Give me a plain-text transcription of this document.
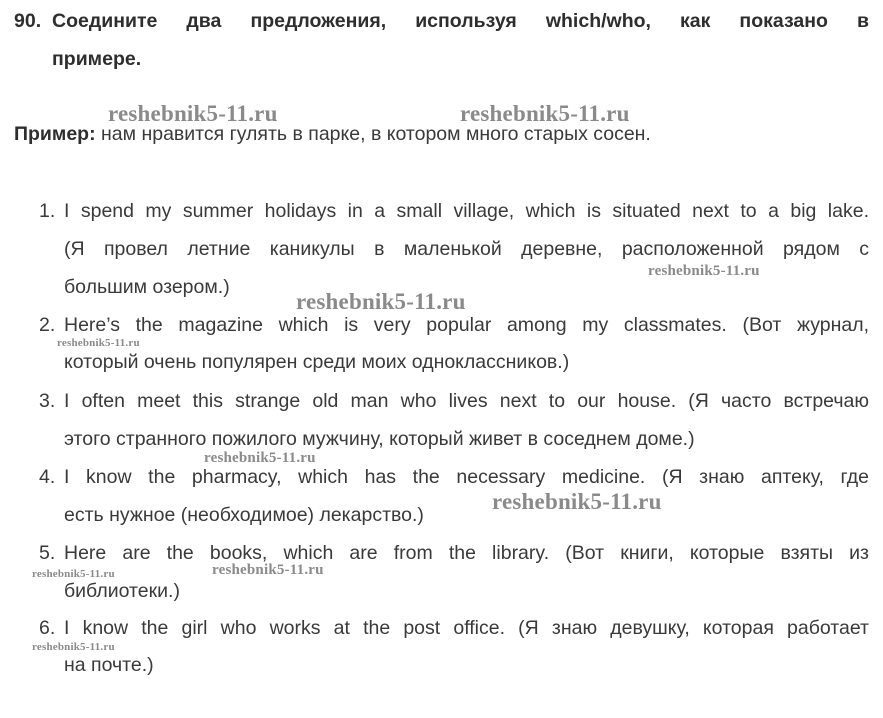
90. Соедините два предложения, используя which/who, как показано в
примере.
reshebnik5-11.ru	reshebnik5-11.ru
Пример: нам нравится гулять в парке, в котором много старых сосен.
1. I spend my summer holidays in a small village, which is situated next to a big lake.
(Я провел летние каникулы в маленькой деревне, расположенной рядом с
большим озером.)
reshebnik5-11.ru
reshebnik5-11.ru
2. Here’s the magazine which is very popular among my classmates. (Вот журнал,
reshebnik5-11.ru
который очень популярен среди моих одноклассников.)
3. I often meet this strange old man who lives next to our house. (Я часто встречаю
этого странного пожилого мужчину, который живет в соседнем доме.)
reshebnik5-11.ru
4. I know the pharmacy, which has the necessary medicine. (Я знаю аптеку, где
есть нужное (необходимое) лекарство.)
reshebnik5-11.ru
5. Here are the books, which are from the library. (Вот книги, которые взяты из
reshebnik5-11.ru	reshebnik5-11.ru
библиотеки.)
6. I know the girl who works at the post office. (Я знаю девушку, которая работает
reshebnik5-11.ru
на почте.)
